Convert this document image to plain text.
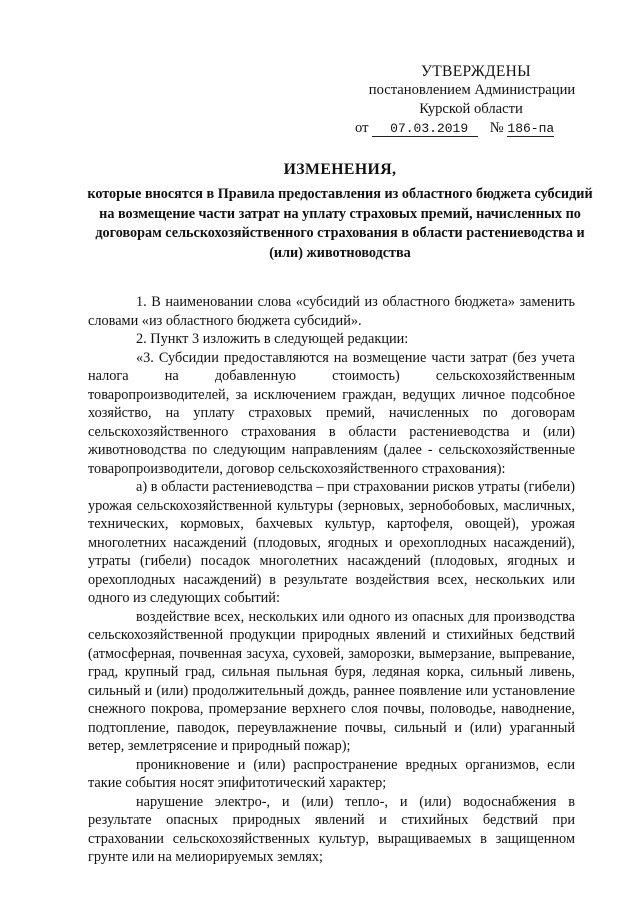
УТВЕРЖДЕНЫ
постановлением Администрации
Курской области
от 07.03.2019 № 186-па
ИЗМЕНЕНИЯ,
которые вносятся в Правила предоставления из областного бюджета субсидий на возмещение части затрат на уплату страховых премий, начисленных по договорам сельскохозяйственного страхования в области растениеводства и (или) животноводства

1. В наименовании слова «субсидий из областного бюджета» заменить словами «из областного бюджета субсидий».

2. Пункт 3 изложить в следующей редакции:

«3. Субсидии предоставляются на возмещение части затрат (без учета налога на добавленную стоимость) сельскохозяйственным товаропроизводителей, за исключением граждан, ведущих личное подсобное хозяйство, на уплату страховых премий, начисленных по договорам сельскохозяйственного страхования в области растениеводства и (или) животноводства по следующим направлениям (далее - сельскохозяйственные товаропроизводители, договор сельскохозяйственного страхования):

а) в области растениеводства – при страховании рисков утраты (гибели) урожая сельскохозяйственной культуры (зерновых, зернобобовых, масличных, технических, кормовых, бахчевых культур, картофеля, овощей), урожая многолетних насаждений (плодовых, ягодных и орехоплодных насаждений), утраты (гибели) посадок многолетних насаждений (плодовых, ягодных и орехоплодных насаждений) в результате воздействия всех, нескольких или одного из следующих событий:

воздействие всех, нескольких или одного из опасных для производства сельскохозяйственной продукции природных явлений и стихийных бедствий (атмосферная, почвенная засуха, суховей, заморозки, вымерзание, выпревание, град, крупный град, сильная пыльная буря, ледяная корка, сильный ливень, сильный и (или) продолжительный дождь, раннее появление или установление снежного покрова, промерзание верхнего слоя почвы, половодье, наводнение, подтопление, паводок, переувлажнение почвы, сильный и (или) ураганный ветер, землетрясение и природный пожар);

проникновение и (или) распространение вредных организмов, если такие события носят эпифитотический характер;

нарушение электро-, и (или) тепло-, и (или) водоснабжения в результате опасных природных явлений и стихийных бедствий при страховании сельскохозяйственных культур, выращиваемых в защищенном грунте или на мелиорируемых землях;
